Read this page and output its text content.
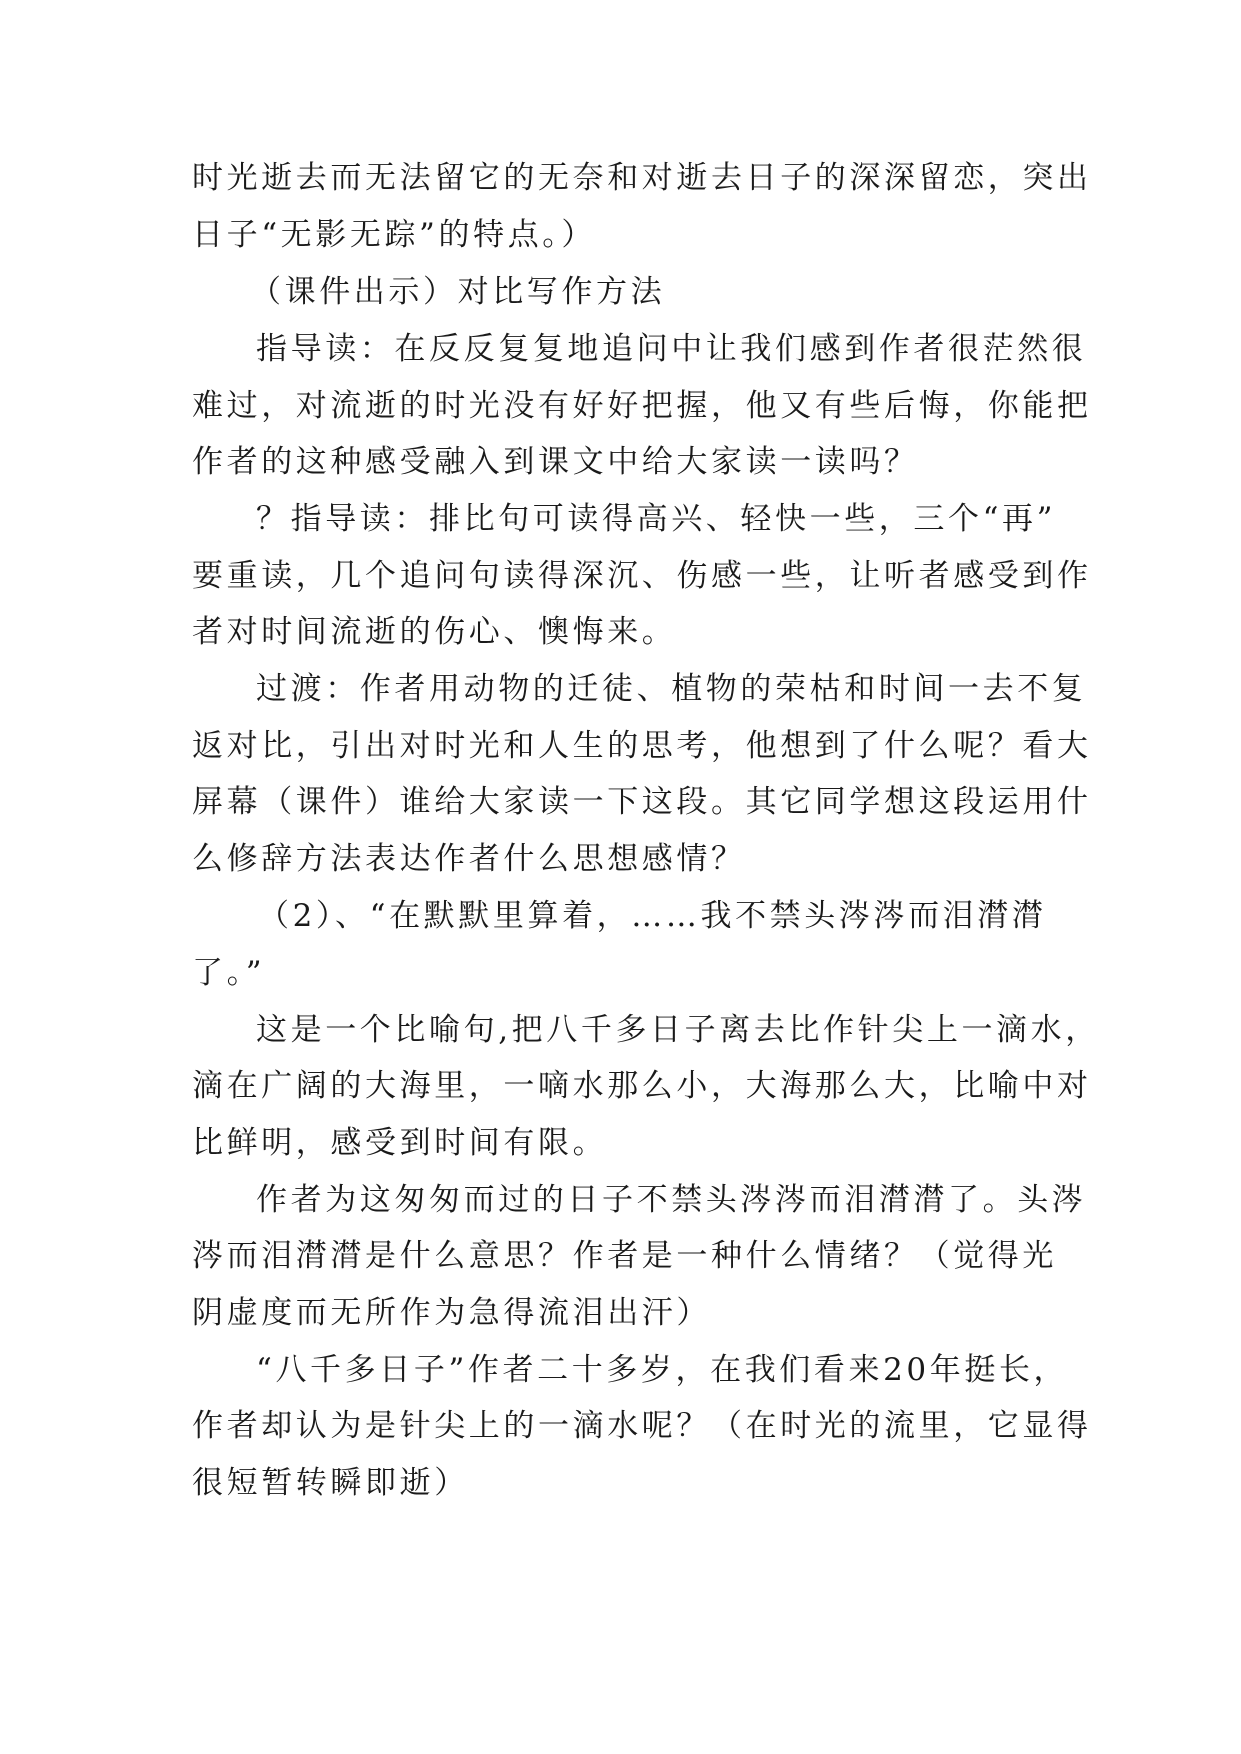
时光逝去而无法留它的无奈和对逝去日子的深深留恋，突出
日子“无影无踪”的特点。）
（课件出示）对比写作方法
指导读：在反反复复地追问中让我们感到作者很茫然很
难过，对流逝的时光没有好好把握，他又有些后悔，你能把
作者的这种感受融入到课文中给大家读一读吗？
？指导读：排比句可读得高兴、轻快一些，三个“再”
要重读，几个追问句读得深沉、伤感一些，让听者感受到作
者对时间流逝的伤心、懊悔来。
过渡：作者用动物的迁徒、植物的荣枯和时间一去不复
返对比，引出对时光和人生的思考，他想到了什么呢？看大
屏幕（课件）谁给大家读一下这段。其它同学想这段运用什
么修辞方法表达作者什么思想感情？
（2）、“在默默里算着，……我不禁头涔涔而泪潸潸
了。”
这是一个比喻句,把八千多日子离去比作针尖上一滴水，
滴在广阔的大海里，一嘀水那么小，大海那么大，比喻中对
比鲜明，感受到时间有限。
作者为这匆匆而过的日子不禁头涔涔而泪潸潸了。头涔
涔而泪潸潸是什么意思？作者是一种什么情绪？（觉得光
阴虚度而无所作为急得流泪出汗）
“八千多日子”作者二十多岁，在我们看来20年挺长，
作者却认为是针尖上的一滴水呢？（在时光的流里，它显得
很短暂转瞬即逝）
